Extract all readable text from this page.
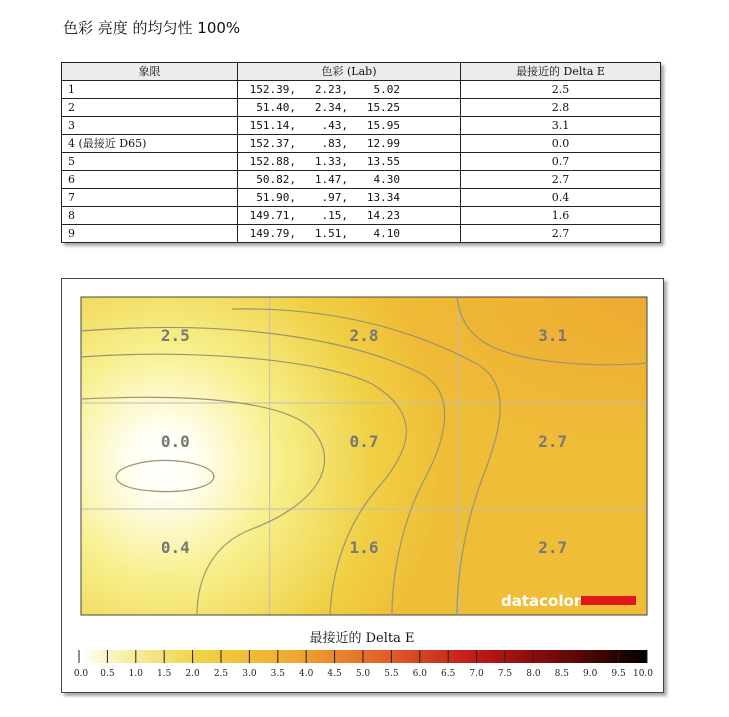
色彩 亮度 的均匀性 100%
象限	色彩 (Lab)	最接近的 Delta E
1	152.39, 2.23, 5.02	2.5
2	51.40, 2.34, 15.25	2.8
3	151.14, .43, 15.95	3.1
4 (最接近 D65)	152.37, .83, 12.99	0.0
5	152.88, 1.33, 13.55	0.7
6	50.82, 1.47, 4.30	2.7
7	51.90, .97, 13.34	0.4
8	149.71, .15, 14.23	1.6
9	149.79, 1.51, 4.10	2.7
2.5	2.8	3.1
0.0	0.7	2.7
0.4	1.6	2.7
datacolor
最接近的 Delta E
0.0 0.5 1.0 1.5 2.0 2.5 3.0 3.5 4.0 4.5 5.0 5.5 6.0 6.5 7.0 7.5 8.0 8.5 9.0 9.5 10.0
